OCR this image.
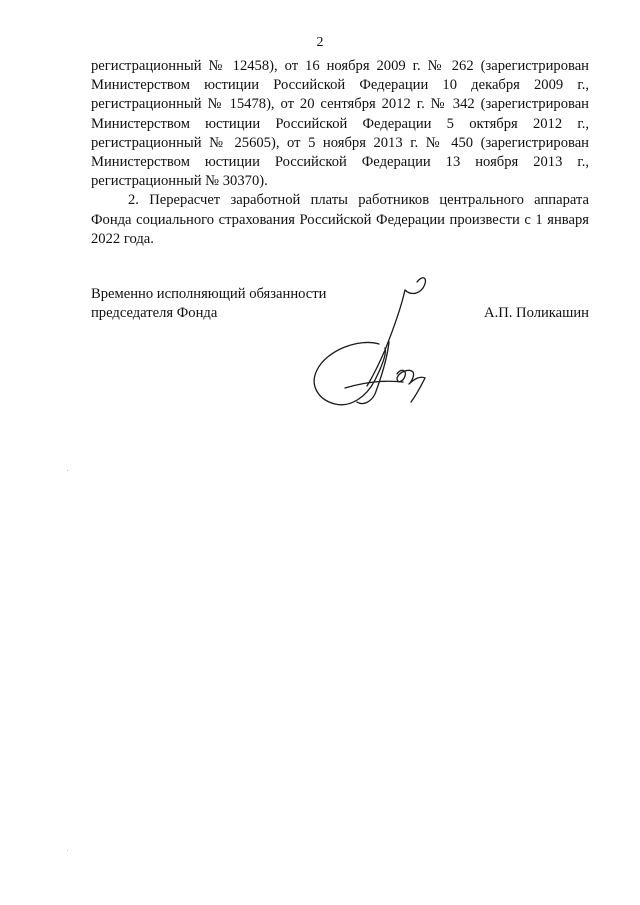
2

регистрационный № 12458), от 16 ноября 2009 г. № 262 (зарегистрирован Министерством юстиции Российской Федерации 10 декабря 2009 г., регистрационный № 15478), от 20 сентября 2012 г. № 342 (зарегистрирован Министерством юстиции Российской Федерации 5 октября 2012 г., регистрационный № 25605), от 5 ноября 2013 г. № 450 (зарегистрирован Министерством юстиции Российской Федерации 13 ноября 2013 г., регистрационный № 30370).

2. Перерасчет заработной платы работников центрального аппарата Фонда социального страхования Российской Федерации произвести с 1 января 2022 года.

Временно исполняющий обязанности
председателя Фонда	А.П. Поликашин
